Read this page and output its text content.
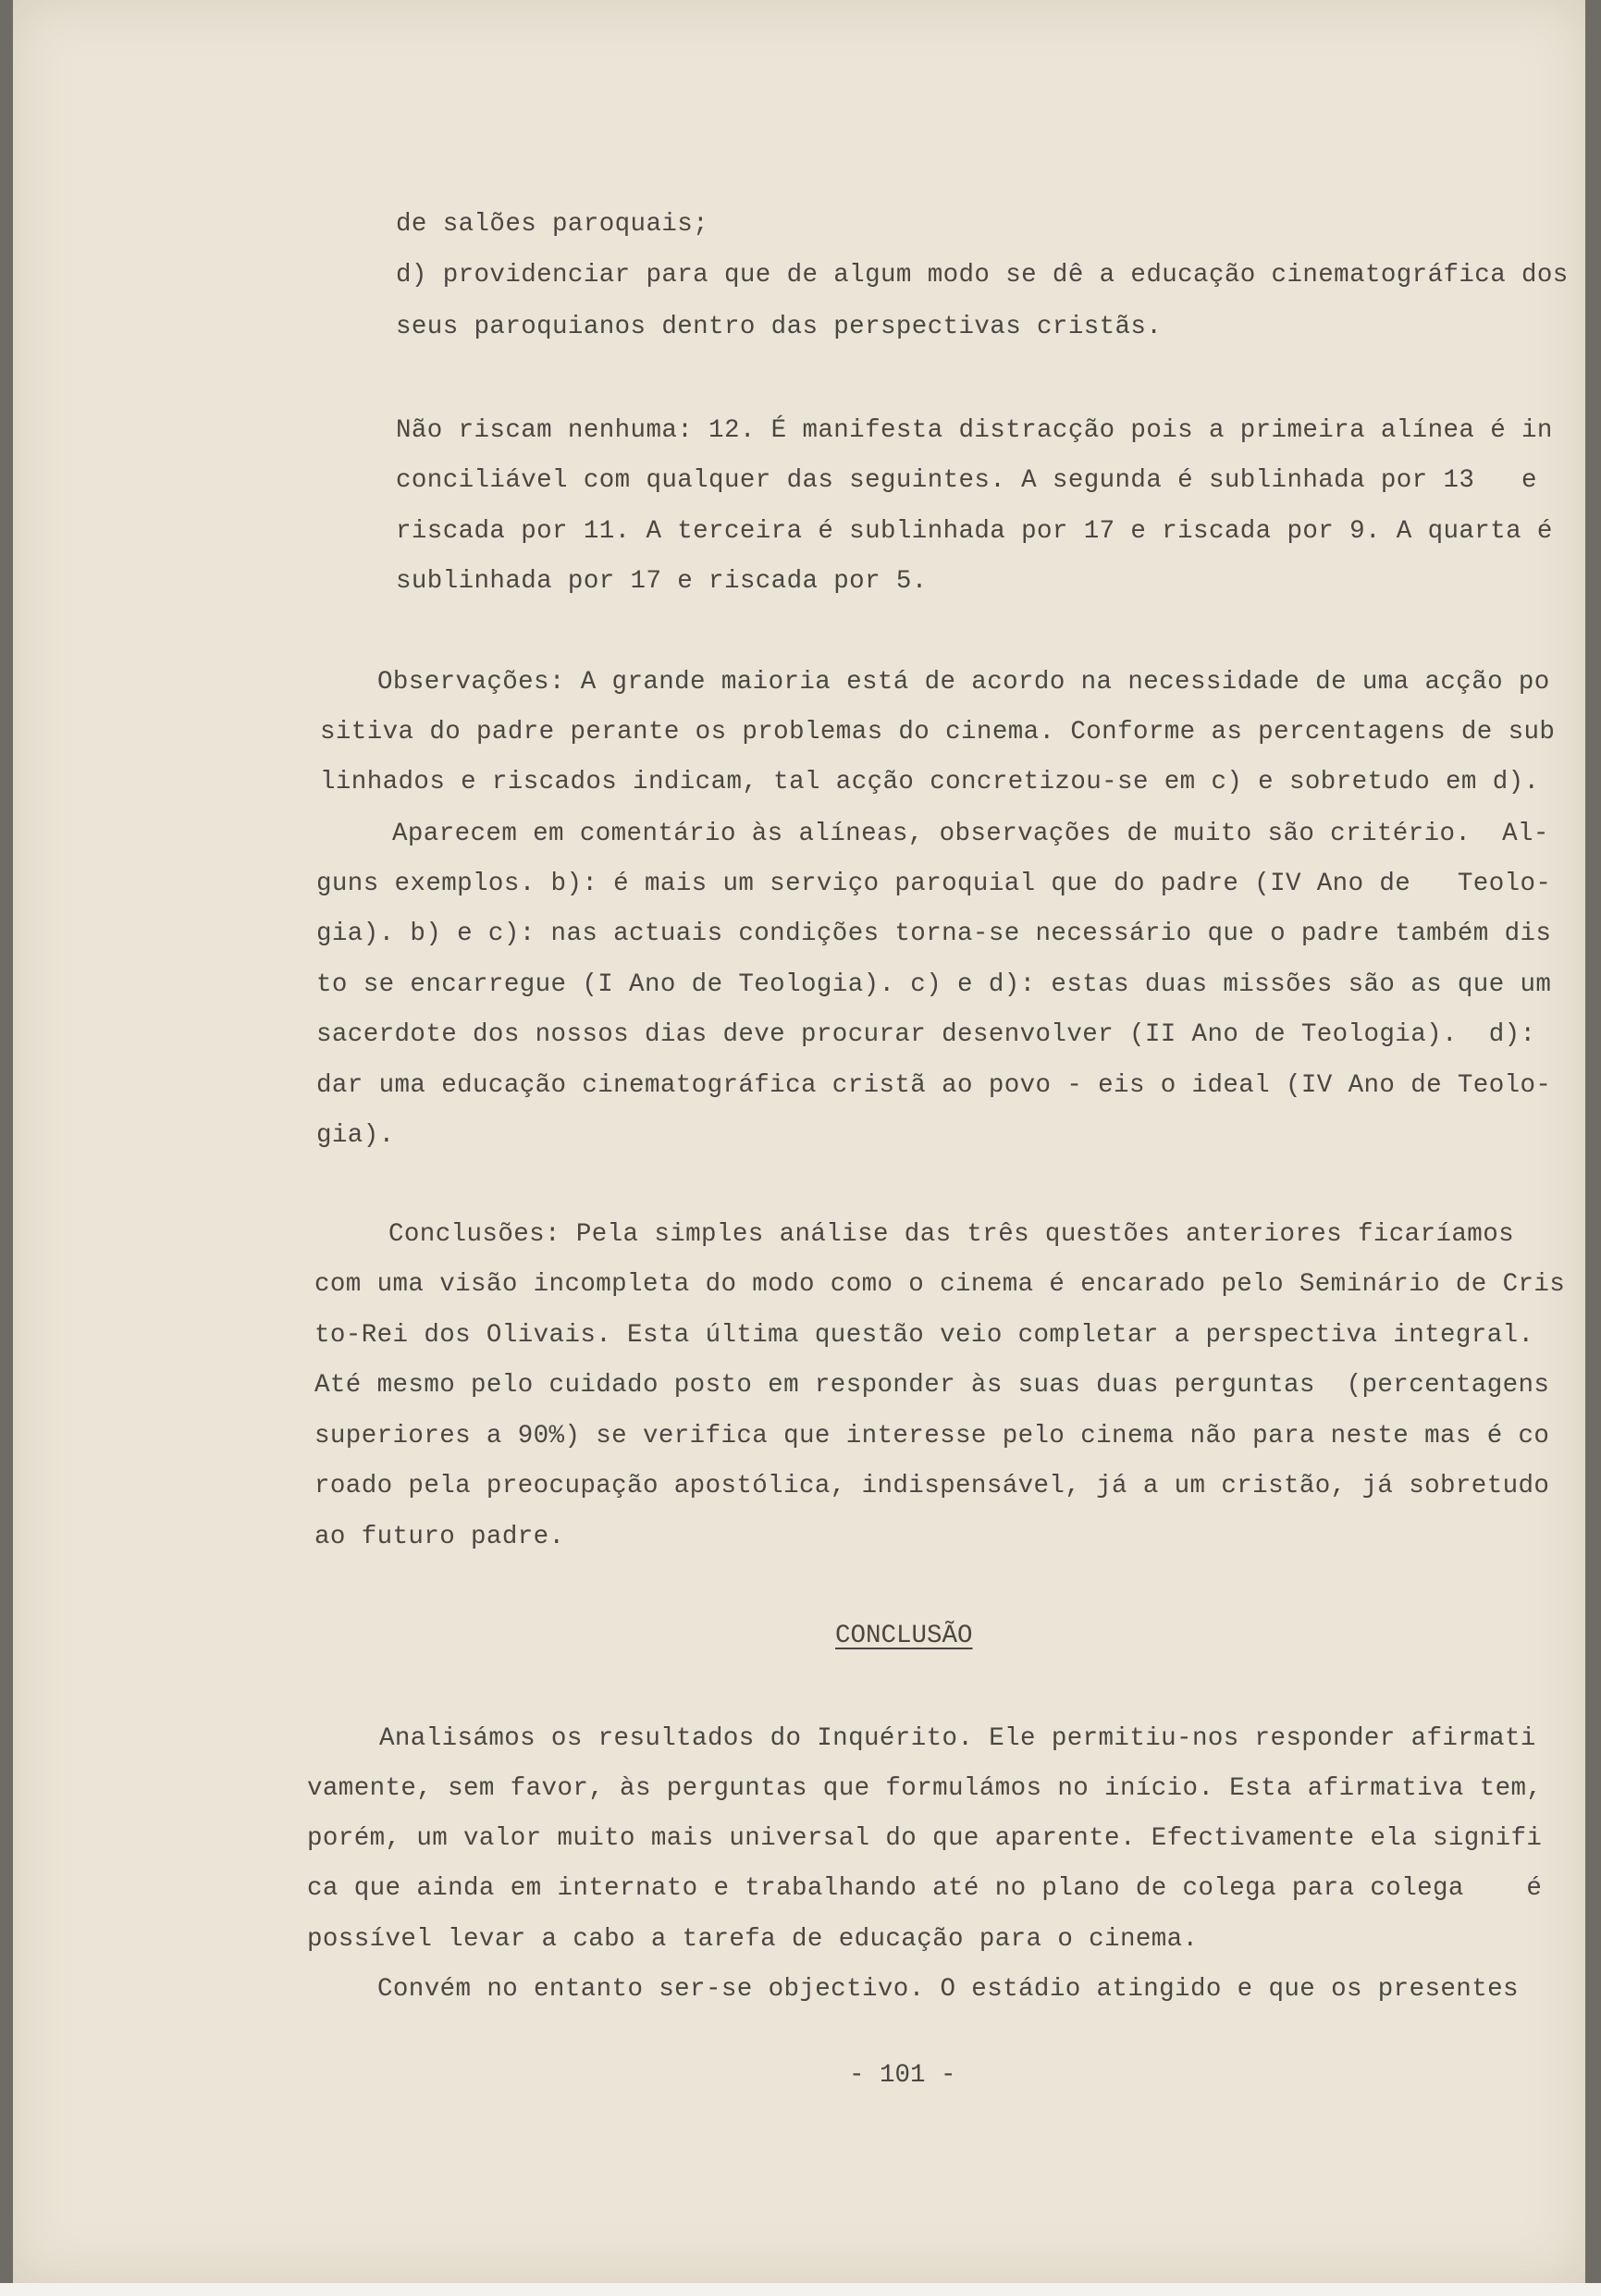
de salões paroquais;
d) providenciar para que de algum modo se dê a educação cinematográfica dos
seus paroquianos dentro das perspectivas cristãs.
Não riscam nenhuma: 12. É manifesta distracção pois a primeira alínea é in
conciliável com qualquer das seguintes. A segunda é sublinhada por 13   e
riscada por 11. A terceira é sublinhada por 17 e riscada por 9. A quarta é
sublinhada por 17 e riscada por 5.
Observações: A grande maioria está de acordo na necessidade de uma acção po
sitiva do padre perante os problemas do cinema. Conforme as percentagens de sub
linhados e riscados indicam, tal acção concretizou-se em c) e sobretudo em d).
Aparecem em comentário às alíneas, observações de muito são critério.  Al-
guns exemplos. b): é mais um serviço paroquial que do padre (IV Ano de   Teolo-
gia). b) e c): nas actuais condições torna-se necessário que o padre também dis
to se encarregue (I Ano de Teologia). c) e d): estas duas missões são as que um
sacerdote dos nossos dias deve procurar desenvolver (II Ano de Teologia).  d):
dar uma educação cinematográfica cristã ao povo - eis o ideal (IV Ano de Teolo-
gia).
Conclusões: Pela simples análise das três questões anteriores ficaríamos
com uma visão incompleta do modo como o cinema é encarado pelo Seminário de Cris
to-Rei dos Olivais. Esta última questão veio completar a perspectiva integral.
Até mesmo pelo cuidado posto em responder às suas duas perguntas  (percentagens
superiores a 90%) se verifica que interesse pelo cinema não para neste mas é co
roado pela preocupação apostólica, indispensável, já a um cristão, já sobretudo
ao futuro padre.
CONCLUSÃO
Analisámos os resultados do Inquérito. Ele permitiu-nos responder afirmati
vamente, sem favor, às perguntas que formulámos no início. Esta afirmativa tem,
porém, um valor muito mais universal do que aparente. Efectivamente ela signifi
ca que ainda em internato e trabalhando até no plano de colega para colega    é
possível levar a cabo a tarefa de educação para o cinema.
Convém no entanto ser-se objectivo. O estádio atingido e que os presentes
- 101 -
